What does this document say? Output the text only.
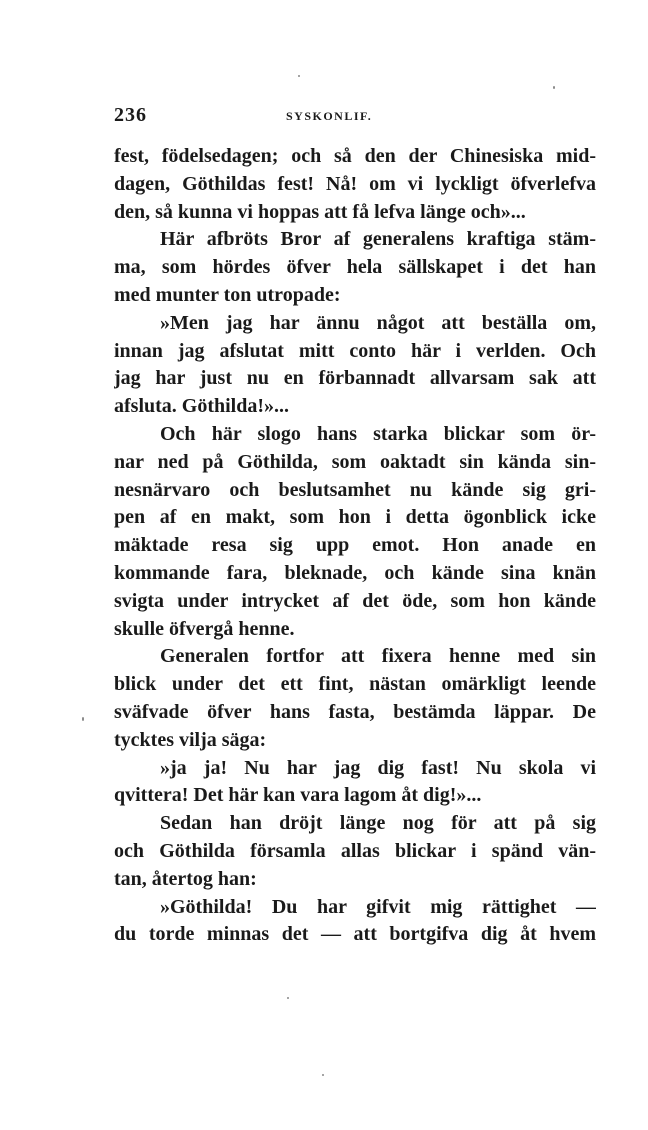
236	SYSKONLIF.
fest, födelsedagen; och så den der Chinesiska mid-
dagen, Göthildas fest! Nå! om vi lyckligt öfverlefva
den, så kunna vi hoppas att få lefva länge och»...
Här afbröts Bror af generalens kraftiga stäm-
ma, som hördes öfver hela sällskapet i det han
med munter ton utropade:
»Men jag har ännu något att beställa om,
innan jag afslutat mitt conto här i verlden. Och
jag har just nu en förbannadt allvarsam sak att
afsluta. Göthilda!»...
Och här slogo hans starka blickar som ör-
nar ned på Göthilda, som oaktadt sin kända sin-
nesnärvaro och beslutsamhet nu kände sig gri-
pen af en makt, som hon i detta ögonblick icke
mäktade resa sig upp emot. Hon anade en
kommande fara, bleknade, och kände sina knän
svigta under intrycket af det öde, som hon kände
skulle öfvergå henne.
Generalen fortfor att fixera henne med sin
blick under det ett fint, nästan omärkligt leende
sväfvade öfver hans fasta, bestämda läppar. De
tycktes vilja säga:
»ja ja! Nu har jag dig fast! Nu skola vi
qvittera! Det här kan vara lagom åt dig!»...
Sedan han dröjt länge nog för att på sig
och Göthilda församla allas blickar i spänd vän-
tan, återtog han:
»Göthilda! Du har gifvit mig rättighet —
du torde minnas det — att bortgifva dig åt hvem
